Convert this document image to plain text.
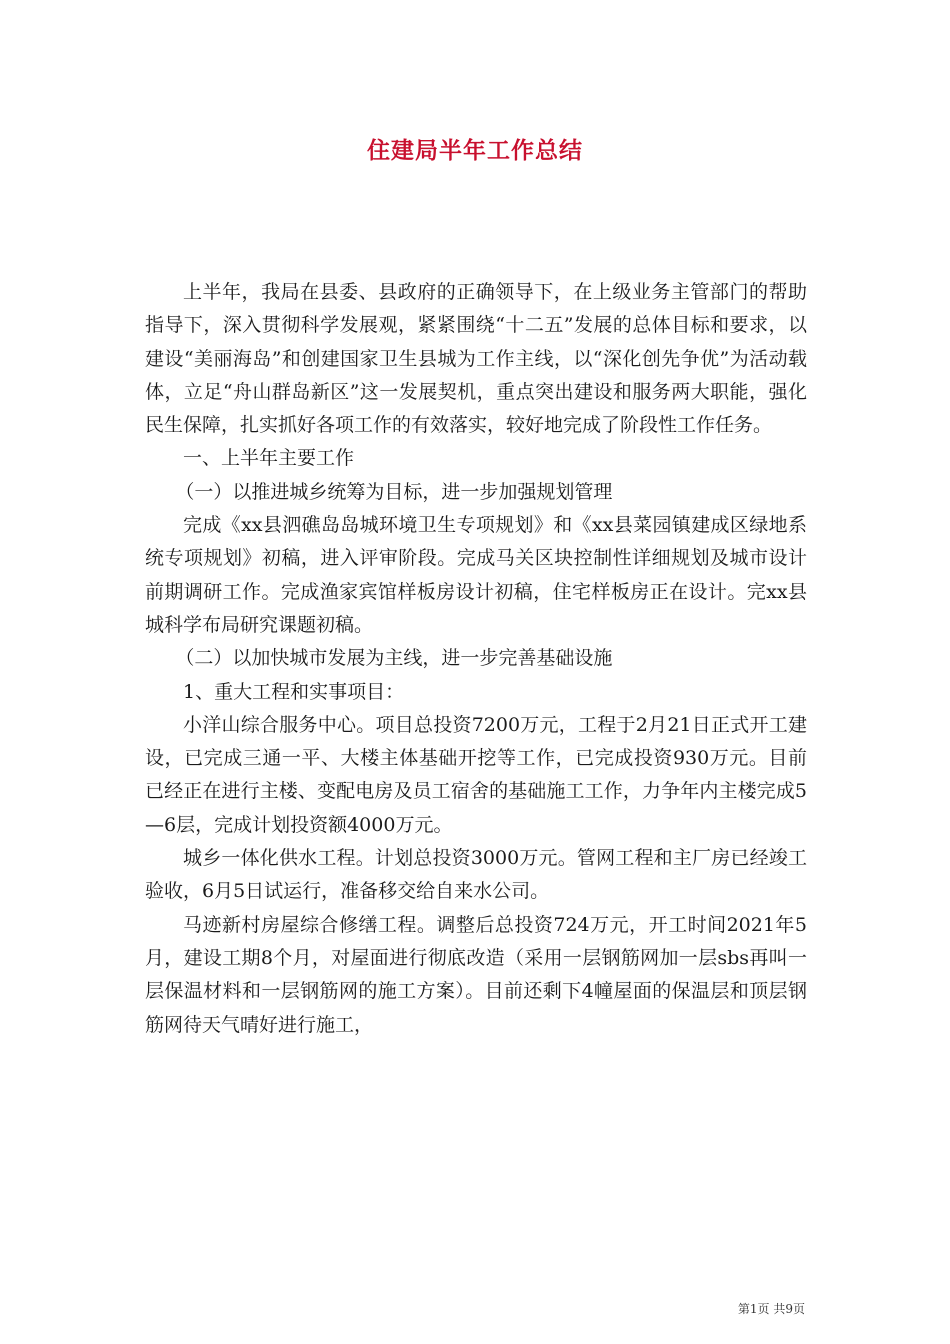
住建局半年工作总结

上半年，我局在县委、县政府的正确领导下，在上级业务主管部门的帮助指导下，深入贯彻科学发展观，紧紧围绕“十二五”发展的总体目标和要求，以建设“美丽海岛”和创建国家卫生县城为工作主线，以“深化创先争优”为活动载体，立足“舟山群岛新区”这一发展契机，重点突出建设和服务两大职能，强化民生保障，扎实抓好各项工作的有效落实，较好地完成了阶段性工作任务。

一、上半年主要工作

（一）以推进城乡统筹为目标，进一步加强规划管理

完成《xx县泗礁岛岛城环境卫生专项规划》和《xx县菜园镇建成区绿地系统专项规划》初稿，进入评审阶段。完成马关区块控制性详细规划及城市设计前期调研工作。完成渔家宾馆样板房设计初稿，住宅样板房正在设计。完xx县城科学布局研究课题初稿。

（二）以加快城市发展为主线，进一步完善基础设施

1、重大工程和实事项目：

小洋山综合服务中心。项目总投资7200万元，工程于2月21日正式开工建设，已完成三通一平、大楼主体基础开挖等工作，已完成投资930万元。目前已经正在进行主楼、变配电房及员工宿舍的基础施工工作，力争年内主楼完成5—6层，完成计划投资额4000万元。

城乡一体化供水工程。计划总投资3000万元。管网工程和主厂房已经竣工验收，6月5日试运行，准备移交给自来水公司。

马迹新村房屋综合修缮工程。调整后总投资724万元，开工时间2021年5月，建设工期8个月，对屋面进行彻底改造（采用一层钢筋网加一层sbs再叫一层保温材料和一层钢筋网的施工方案）。目前还剩下4幢屋面的保温层和顶层钢筋网待天气晴好进行施工，

第1页 共9页
